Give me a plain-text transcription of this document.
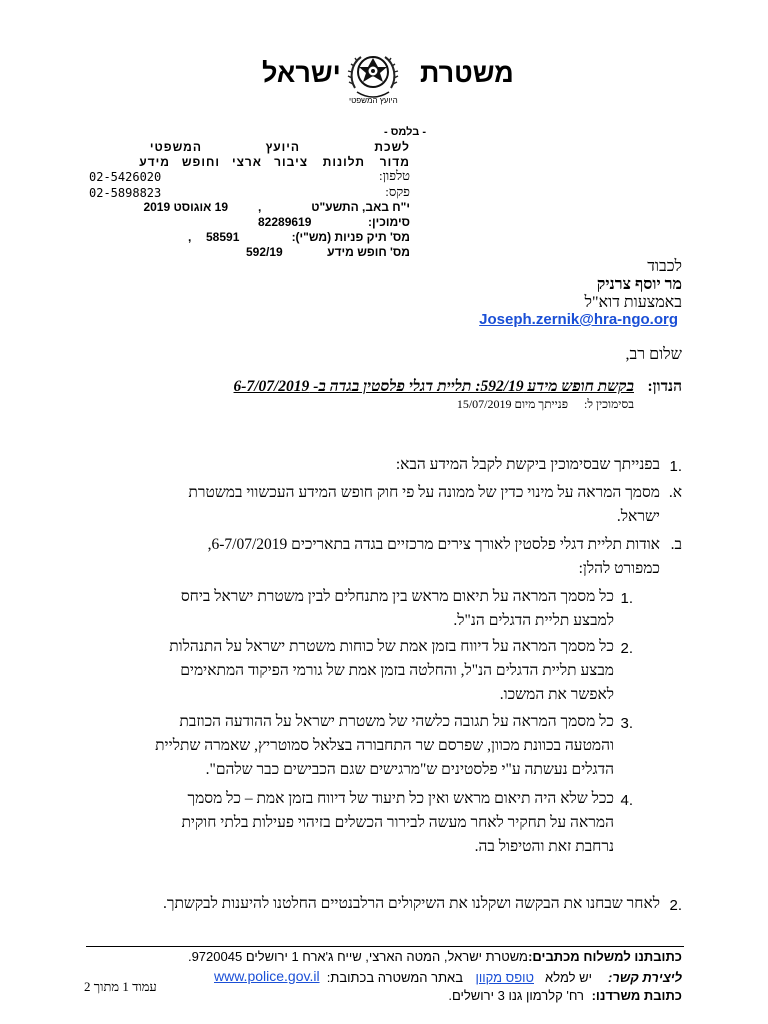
משטרת
ישראל
היועץ המשפטי
- בלמס -
לשכת
היועץ
המשפטי
מדור
תלונות
ציבור
ארצי
וחופש
מידע
טלפון:
02-5426020
פקס:
02-5898823
י"ח באב, התשע"ט
,
19 אוגוסט 2019
סימוכין:
82289619
מס' תיק פניות (מש"י):
58591
,
מס' חופש מידע
592/19
לכבוד
מר יוסף צרניק
באמצעות דוא"ל
Joseph.zernik@hra-ngo.org
שלום רב,
הנדון:
בקשת חופש מידע 592/19: תליית דגלי פלסטין בגדה ב- 6-7/07/2019
בסימוכין ל:
פנייתך מיום 15/07/2019
1.
בפנייתך שבסימוכין ביקשת לקבל המידע הבא:
א.
מסמך המראה על מינוי כדין של ממונה על פי חוק חופש המידע העכשווי במשטרת
ישראל.
ב.
אודות תליית דגלי פלסטין לאורך צירים מרכזיים בגדה בתאריכים 6-7/07/2019,
כמפורט להלן:
1.
כל מסמך המראה על תיאום מראש בין מתנחלים לבין משטרת ישראל ביחס
למבצע תליית הדגלים הנ"ל.
2.
כל מסמך המראה על דיווח בזמן אמת של כוחות משטרת ישראל על התנהלות
מבצע תליית הדגלים הנ"ל, והחלטה בזמן אמת של גורמי הפיקוד המתאימים
לאפשר את המשכו.
3.
כל מסמך המראה על תגובה כלשהי של משטרת ישראל על ההודעה הכוזבת
והמטעה בכוונת מכוון, שפרסם שר התחבורה בצלאל סמוטריץ, שאמרה שתליית
הדגלים נעשתה ע"י פלסטינים ש"מרגישים שגם הכבישים כבר שלהם".
4.
ככל שלא היה תיאום מראש ואין כל תיעוד של דיווח בזמן אמת – כל מסמך
המראה על תחקיר לאחר מעשה לבירור הכשלים בזיהוי פעילות בלתי חוקית
נרחבת זאת והטיפול בה.
2.
לאחר שבחנו את הבקשה ושקלנו את השיקולים הרלבנטיים החלטנו להיענות לבקשתך.
כתובתנו למשלוח מכתבים:
משטרת ישראל, המטה הארצי, שייח ג'ארח 1 ירושלים 9720045.
ליצירת קשר:
יש למלא
טופס מקוון
באתר המשטרה בכתובת:
www.police.gov.il
כתובת משרדנו:
רח' קלרמון גנו 3 ירושלים.
עמוד 1 מתוך 2
